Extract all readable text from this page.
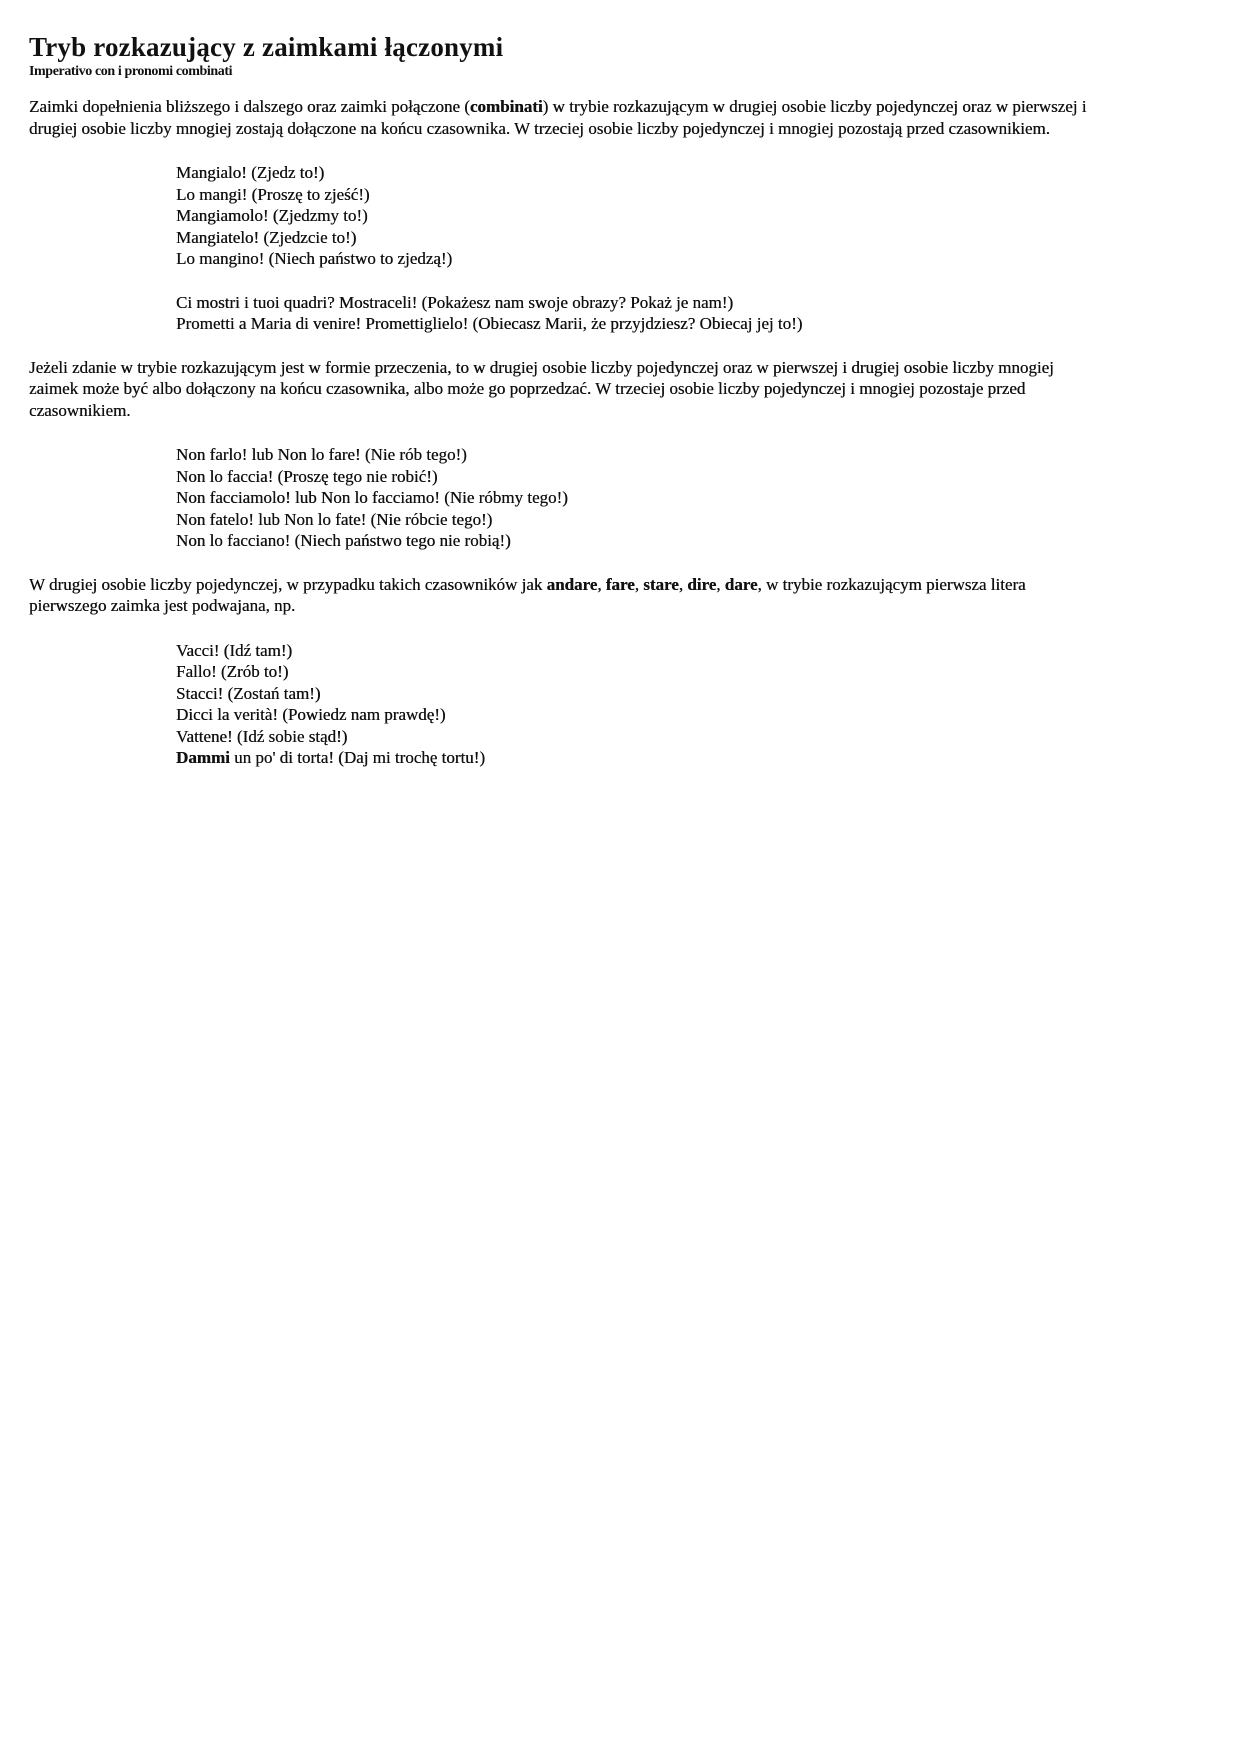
Tryb rozkazujący z zaimkami łączonymi
Imperativo con i pronomi combinati

Zaimki dopełnienia bliższego i dalszego oraz zaimki połączone (combinati) w trybie rozkazującym w drugiej osobie liczby pojedynczej oraz w pierwszej i drugiej osobie liczby mnogiej zostają dołączone na końcu czasownika. W trzeciej osobie liczby pojedynczej i mnogiej pozostają przed czasownikiem.

Mangialo! (Zjedz to!)
Lo mangi! (Proszę to zjeść!)
Mangiamolo! (Zjedzmy to!)
Mangiatelo! (Zjedzcie to!)
Lo mangino! (Niech państwo to zjedzą!)
Ci mostri i tuoi quadri? Mostraceli! (Pokażesz nam swoje obrazy? Pokaż je nam!)
Prometti a Maria di venire! Promettiglielo! (Obiecasz Marii, że przyjdziesz? Obiecaj jej to!)

Jeżeli zdanie w trybie rozkazującym jest w formie przeczenia, to w drugiej osobie liczby pojedynczej oraz w pierwszej i drugiej osobie liczby mnogiej zaimek może być albo dołączony na końcu czasownika, albo może go poprzedzać. W trzeciej osobie liczby pojedynczej i mnogiej pozostaje przed czasownikiem.

Non farlo! lub Non lo fare! (Nie rób tego!)
Non lo faccia! (Proszę tego nie robić!)
Non facciamolo! lub Non lo facciamo! (Nie róbmy tego!)
Non fatelo! lub Non lo fate! (Nie róbcie tego!)
Non lo facciano! (Niech państwo tego nie robią!)

W drugiej osobie liczby pojedynczej, w przypadku takich czasowników jak andare, fare, stare, dire, dare, w trybie rozkazującym pierwsza litera pierwszego zaimka jest podwajana, np.

Vacci! (Idź tam!)
Fallo! (Zrób to!)
Stacci! (Zostań tam!)
Dicci la verità! (Powiedz nam prawdę!)
Vattene! (Idź sobie stąd!)
Dammi un po' di torta! (Daj mi trochę tortu!)
